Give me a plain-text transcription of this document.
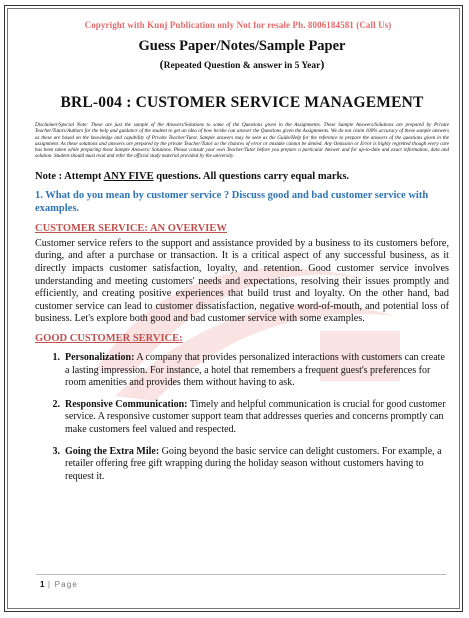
Copyright with Kunj Publication only Not for resale Ph. 8006184581 (Call Us)
Guess Paper/Notes/Sample Paper
(Repeated Question & answer in 5 Year)
BRL-004 : CUSTOMER SERVICE MANAGEMENT
Disclaimer/Special Note: These are just the sample of the Answers/Solutions to some of the Questions given in the Assignments. These Sample Answers/Solutions are prepared by Private Teacher/Tutors/Authors for the help and guidance of the student to get an idea of how he/she can answer the Questions given the Assignments. We do not claim 100% accuracy of these sample answers as these are based on the knowledge and capability of Private Teacher/Tutor. Sample answers may be seen as the Guide/Help for the reference to prepare the answers of the questions given in the assignment. As these solutions and answers are prepared by the private Teacher/Tutor so the chances of error or mistake cannot be denied. Any Omission or Error is highly regretted though every care has been taken while preparing these Sample Answers/ Solutions. Please consult your own Teacher/Tutor before you prepare a particular Answer and for up-to-date and exact information, data and solution. Student should must read and refer the official study material provided by the university.
Note : Attempt ANY FIVE questions. All questions carry equal marks.
1. What do you mean by customer service ? Discuss good and bad customer service with examples.
CUSTOMER SERVICE: AN OVERVIEW
Customer service refers to the support and assistance provided by a business to its customers before, during, and after a purchase or transaction. It is a critical aspect of any successful business, as it directly impacts customer satisfaction, loyalty, and retention. Good customer service involves understanding and meeting customers' needs and expectations, resolving their issues promptly and efficiently, and creating positive experiences that build trust and loyalty. On the other hand, bad customer service can lead to customer dissatisfaction, negative word-of-mouth, and potential loss of business. Let's explore both good and bad customer service with some examples.
GOOD CUSTOMER SERVICE:
1. Personalization: A company that provides personalized interactions with customers can create a lasting impression. For instance, a hotel that remembers a frequent guest's preferences for room amenities and provides them without having to ask.
2. Responsive Communication: Timely and helpful communication is crucial for good customer service. A responsive customer support team that addresses queries and concerns promptly can make customers feel valued and respected.
3. Going the Extra Mile: Going beyond the basic service can delight customers. For example, a retailer offering free gift wrapping during the holiday season without customers having to request it.
1 | Page
